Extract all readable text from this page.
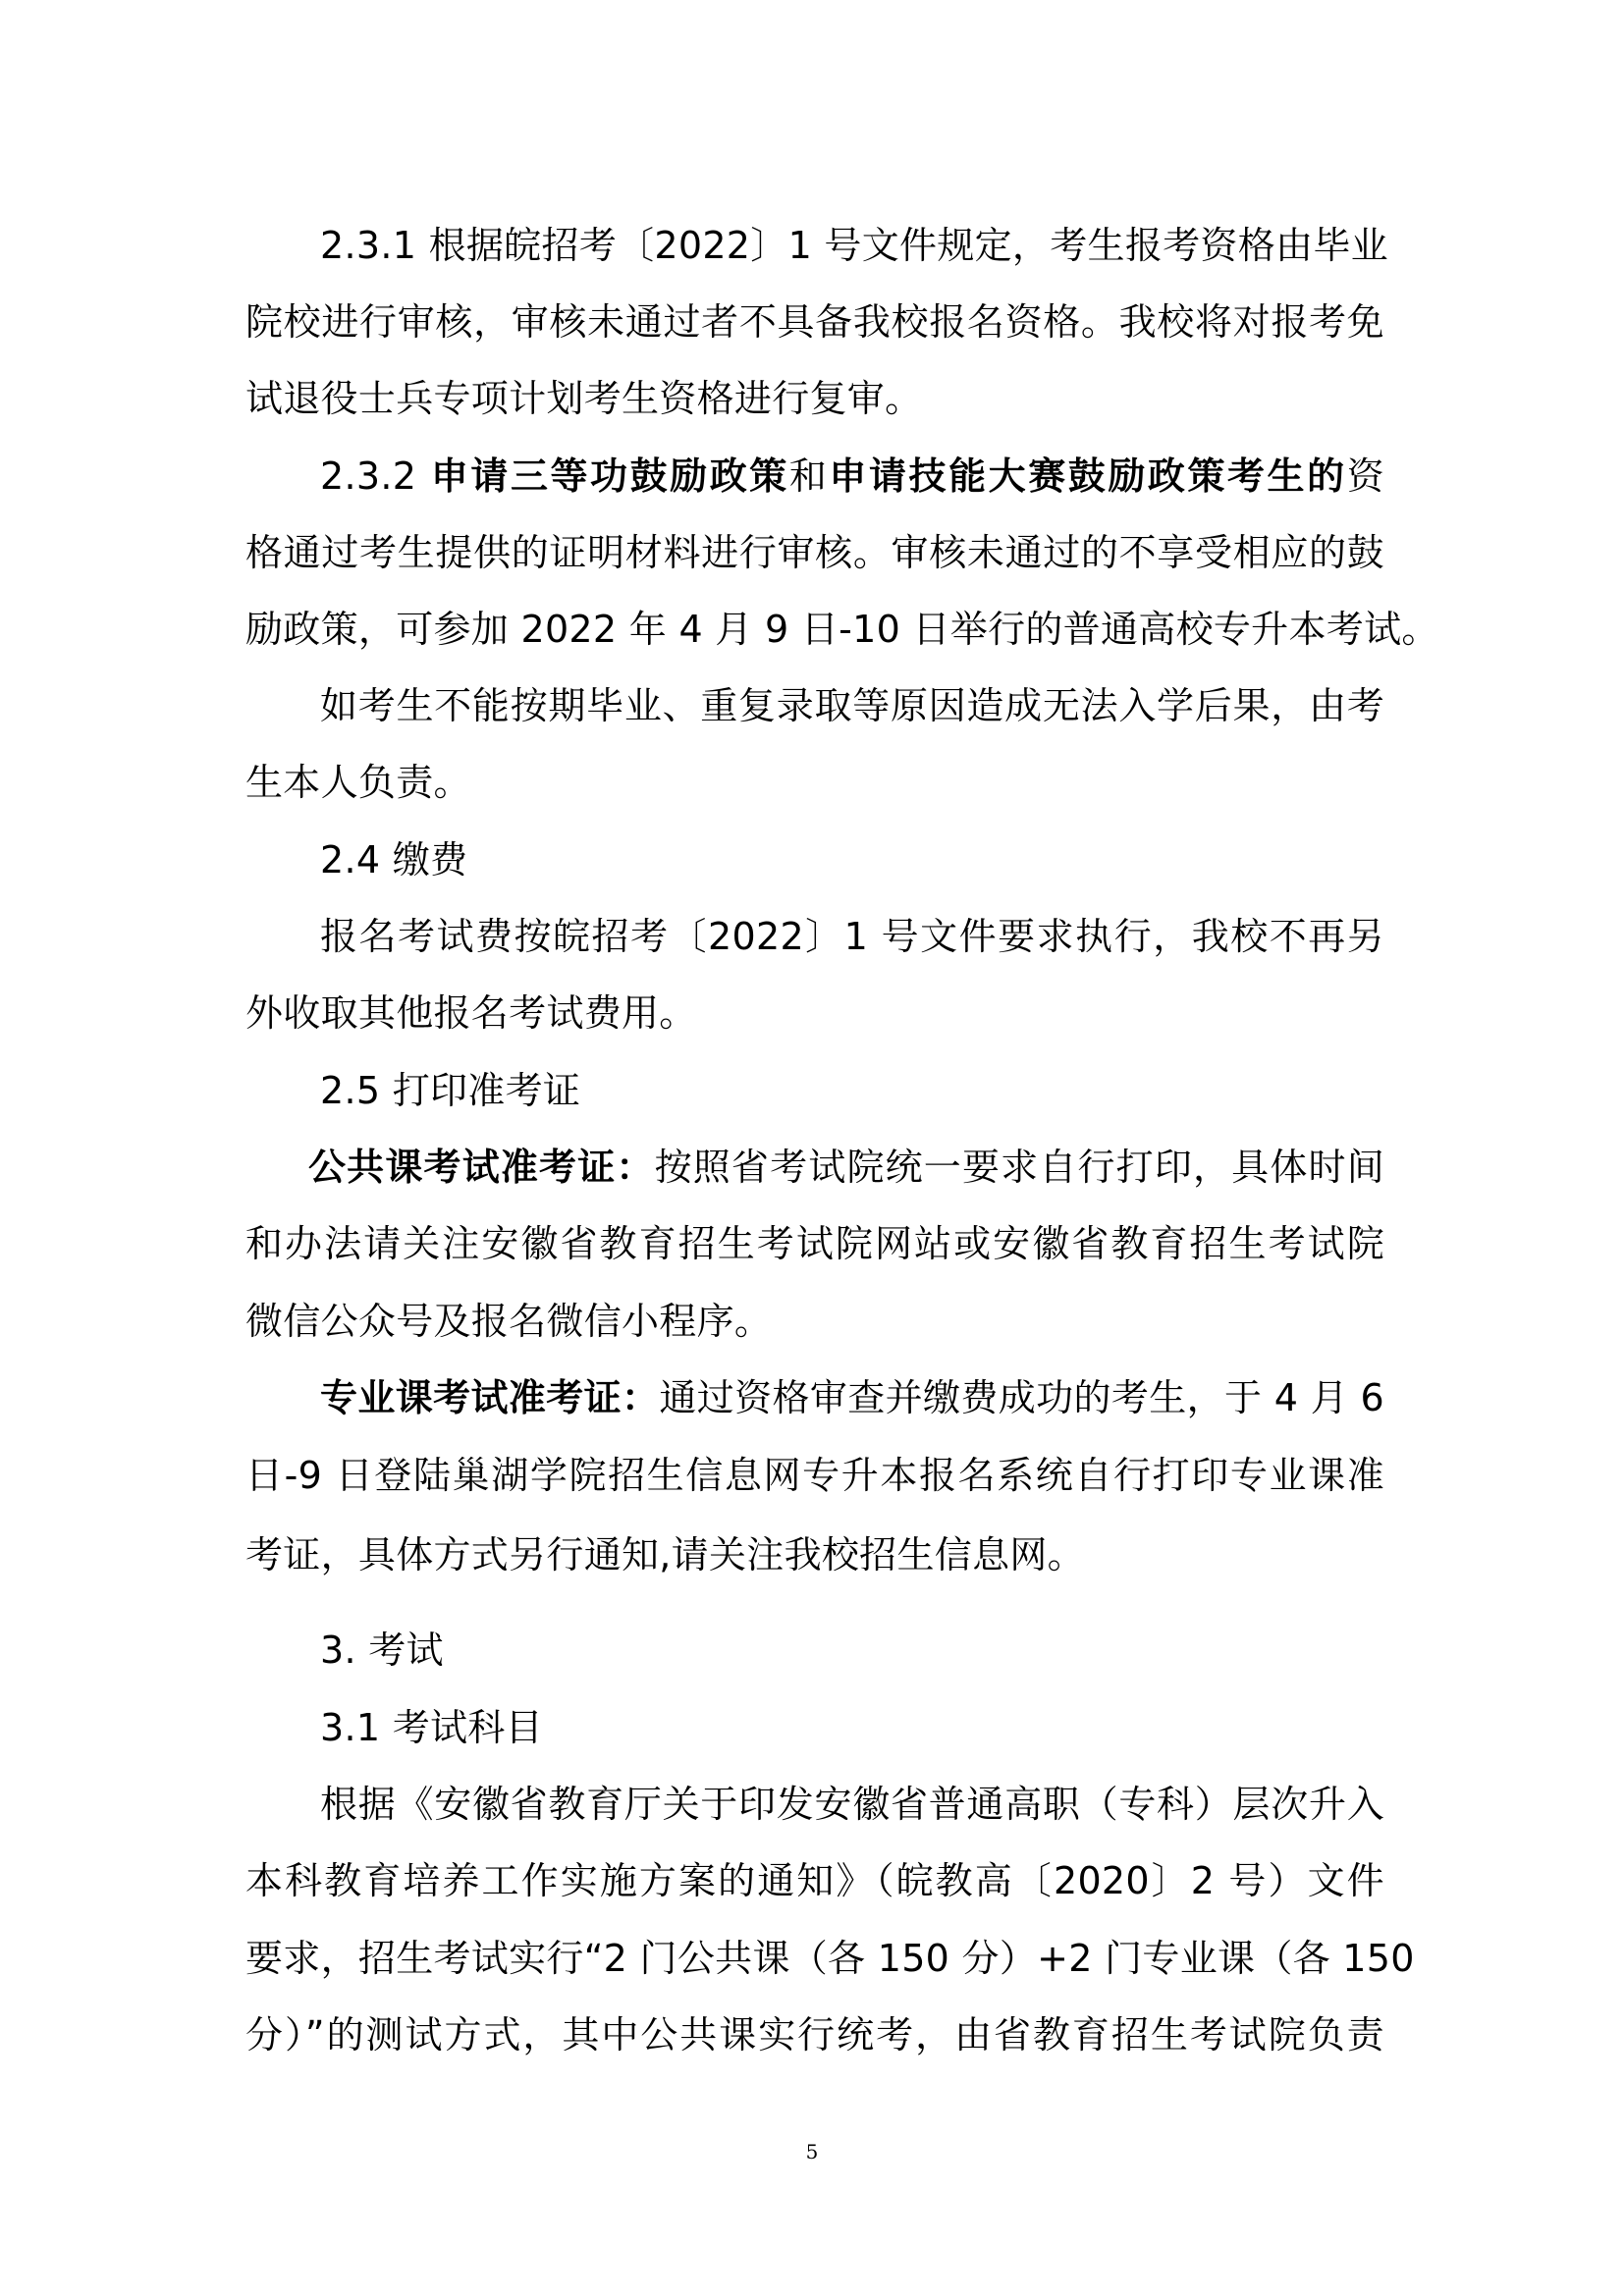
2.3.1 根据皖招考〔2022〕1 号文件规定，考生报考资格由毕业
院校进行审核，审核未通过者不具备我校报名资格。我校将对报考免
试退役士兵专项计划考生资格进行复审。
2.3.2 申请三等功鼓励政策和申请技能大赛鼓励政策考生的资
格通过考生提供的证明材料进行审核。审核未通过的不享受相应的鼓
励政策，可参加 2022 年 4 月 9 日-10 日举行的普通高校专升本考试。
如考生不能按期毕业、重复录取等原因造成无法入学后果，由考
生本人负责。
2.4 缴费
报名考试费按皖招考〔2022〕1 号文件要求执行，我校不再另
外收取其他报名考试费用。
2.5 打印准考证
公共课考试准考证：按照省考试院统一要求自行打印，具体时间
和办法请关注安徽省教育招生考试院网站或安徽省教育招生考试院
微信公众号及报名微信小程序。
专业课考试准考证：通过资格审查并缴费成功的考生，于 4 月 6
日-9 日登陆巢湖学院招生信息网专升本报名系统自行打印专业课准
考证，具体方式另行通知,请关注我校招生信息网。
3. 考试
3.1 考试科目
根据《安徽省教育厅关于印发安徽省普通高职（专科）层次升入
本科教育培养工作实施方案的通知》（皖教高〔2020〕2 号）文件
要求，招生考试实行“2 门公共课（各 150 分）+2 门专业课（各 150
分）”的测试方式，其中公共课实行统考，由省教育招生考试院负责
5
